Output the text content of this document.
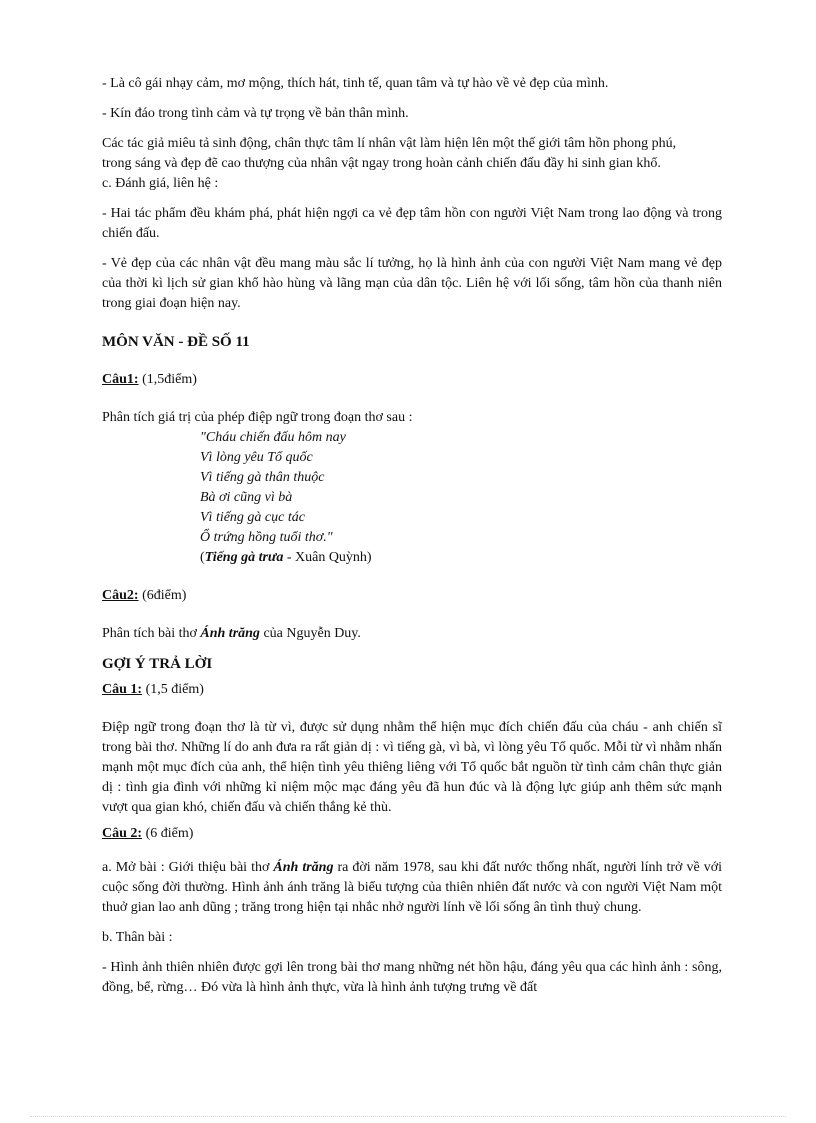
- Là cô gái nhạy cảm, mơ mộng, thích hát, tinh tế, quan tâm và tự hào về vẻ đẹp của mình.

- Kín đáo trong tình cảm và tự trọng về bản thân mình.

Các tác giả miêu tả sinh động, chân thực tâm lí nhân vật làm hiện lên một thế giới tâm hồn phong phú, trong sáng và đẹp đẽ cao thượng của nhân vật ngay trong hoàn cảnh chiến đấu đầy hi sinh gian khổ.

c. Đánh giá, liên hệ :

- Hai tác phẩm đều khám phá, phát hiện ngợi ca vẻ đẹp tâm hồn con người Việt Nam trong lao động và trong chiến đấu.

- Vẻ đẹp của các nhân vật đều mang màu sắc lí tưởng, họ là hình ảnh của con người Việt Nam mang vẻ đẹp của thời kì lịch sử gian khổ hào hùng và lãng mạn của dân tộc. Liên hệ với lối sống, tâm hồn của thanh niên trong giai đoạn hiện nay.

MÔN VĂN - ĐỀ SỐ 11

Câu1: (1,5điểm)

Phân tích giá trị của phép điệp ngữ trong đoạn thơ sau :

"Cháu chiến đấu hôm nay

Vì lòng yêu Tổ quốc

Vì tiếng gà thân thuộc

Bà ơi cũng vì bà

Vì tiếng gà cục tác

Ổ trứng hồng tuổi thơ."

(Tiếng gà trưa - Xuân Quỳnh)

Câu2: (6điểm)

Phân tích bài thơ Ánh trăng của Nguyễn Duy.

GỢI Ý TRẢ LỜI

Câu 1: (1,5 điểm)

Điệp ngữ trong đoạn thơ là từ vì, được sử dụng nhằm thể hiện mục đích chiến đấu của cháu - anh chiến sĩ trong bài thơ. Những lí do anh đưa ra rất giản dị : vì tiếng gà, vì bà, vì lòng yêu Tổ quốc. Mỗi từ vì nhằm nhấn mạnh một mục đích của anh, thể hiện tình yêu thiêng liêng với Tổ quốc bắt nguồn từ tình cảm chân thực giản dị : tình gia đình với những kỉ niệm mộc mạc đáng yêu đã hun đúc và là động lực giúp anh thêm sức mạnh vượt qua gian khó, chiến đấu và chiến thắng kẻ thù.

Câu 2: (6 điểm)

a. Mở bài : Giới thiệu bài thơ Ánh trăng ra đời năm 1978, sau khi đất nước thống nhất, người lính trở về với cuộc sống đời thường. Hình ảnh ánh trăng là biểu tượng của thiên nhiên đất nước và con người Việt Nam một thuở gian lao anh dũng ; trăng trong hiện tại nhắc nhở người lính về lối sống ân tình thuỷ chung.

b. Thân bài :

- Hình ảnh thiên nhiên được gợi lên trong bài thơ mang những nét hồn hậu, đáng yêu qua các hình ảnh : sông, đồng, bể, rừng… Đó vừa là hình ảnh thực, vừa là hình ảnh tượng trưng về đất
